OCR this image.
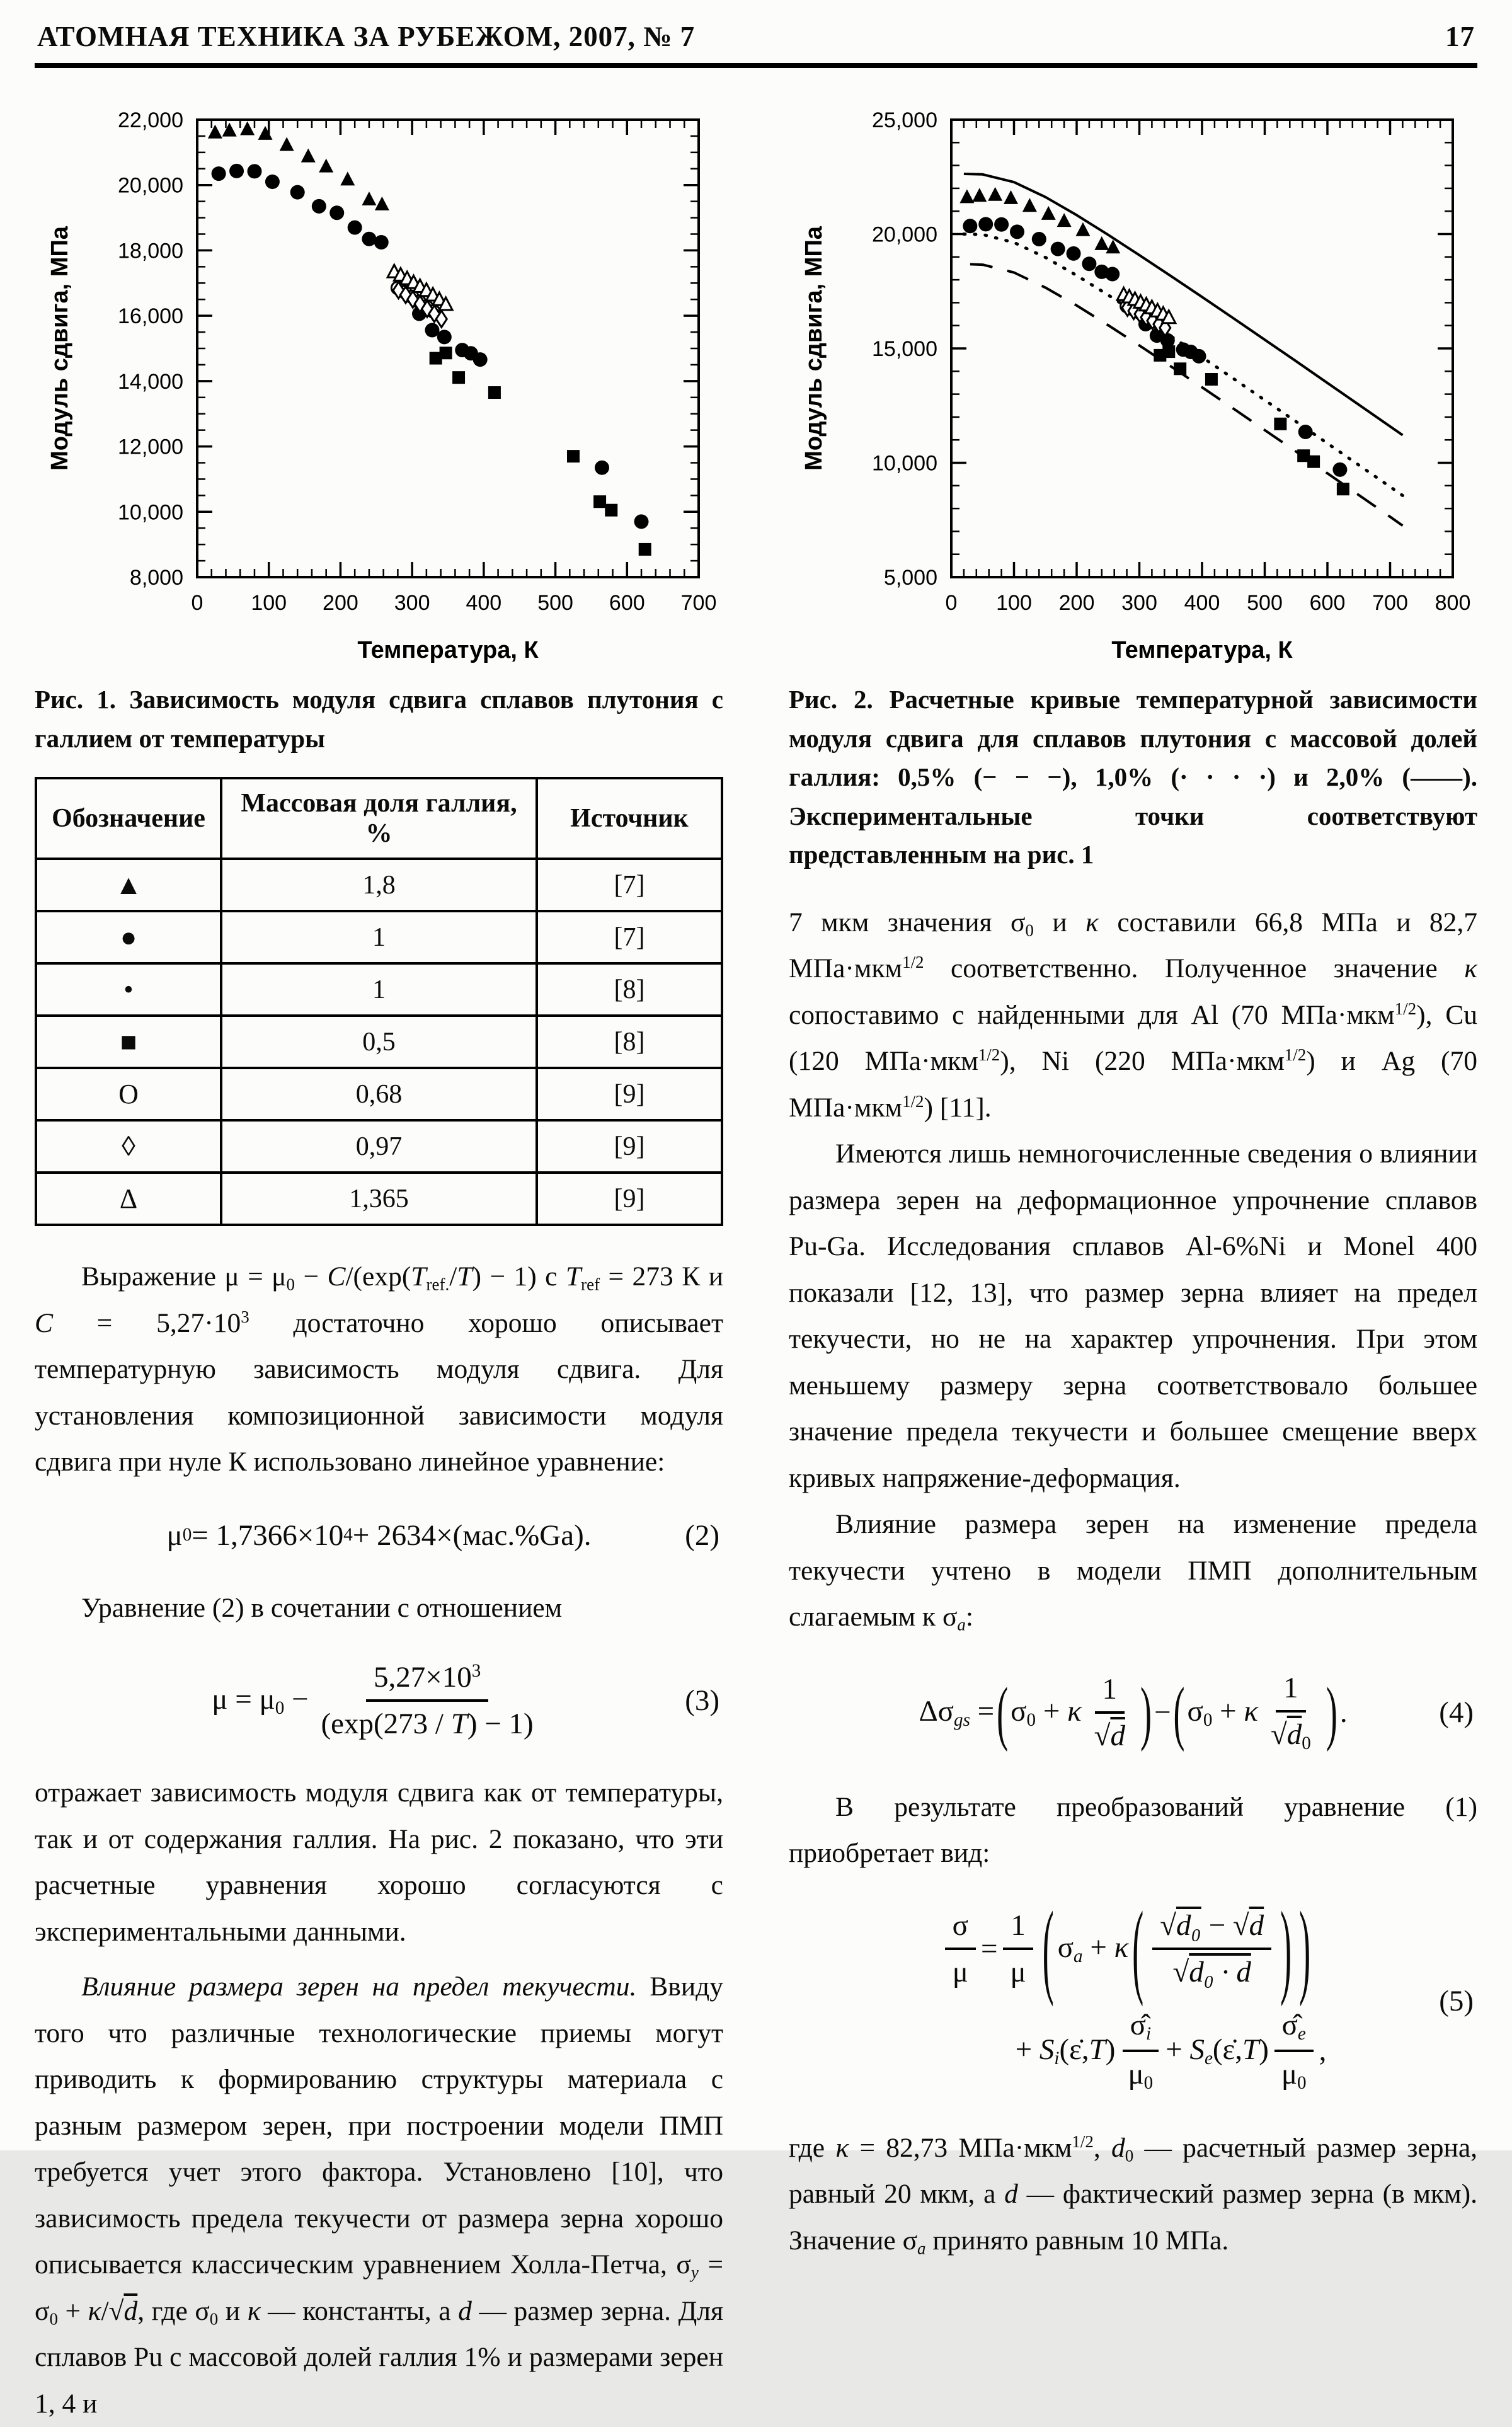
АТОМНАЯ ТЕХНИКА ЗА РУБЕЖОМ, 2007, № 7	17
0 100 200 300 400 500 600 700
8,000
10,000
12,000
14,000
16,000
18,000
20,000
22,000
Температура, К
Модуль сдвига, МПа
Рис. 1. Зависимость модуля сдвига сплавов плутония с галлием от температуры
Обозначение	Массовая доля галлия, %	Источник
▲	1,8	[7]
●	1	[7]
•	1	[8]
■	0,5	[8]
O	0,68	[9]
◊	0,97	[9]
Δ	1,365	[9]

Выражение $\mu = \mu_0 - C/(\exp(T_{ref.}/T) - 1)$ с $T_{ref} = 273$ К и $C = 5,27\cdot 10^3$ достаточно хорошо описывает температурную зависимость модуля сдвига. Для установления композиционной зависимости модуля сдвига при нуле К использовано линейное уравнение:

μ 0 = 1,7366×10 4 + 2634×(мас.%Ga).	(2)

Уравнение (2) в сочетании с отношением

$\mu = \mu_0 - \frac{5,27\times 10^3}{(\exp(273 / T) - 1)}$	(3)

отражает зависимость модуля сдвига как от температуры, так и от содержания галлия. На рис. 2 показано, что эти расчетные уравнения хорошо согласуются с экспериментальными данными.

Влияние размера зерен на предел текучести. Ввиду того что различные технологические приемы могут приводить к формированию структуры материала с разным размером зерен, при построении модели ПМП требуется учет этого фактора. Установлено [10], что зависимость предела текучести от размера зерна хорошо описывается классическим уравнением Холла-Петча, $\sigma_y = \sigma_0 + \kappa/√d$, где $\sigma_0$ и κ — константы, а d — размер зерна. Для сплавов Pu с массовой долей галлия 1% и размерами зерен 1, 4 и

0 100 200 300 400 500 600 700 800
5,000
10,000
15,000
20,000
25,000
Температура, К
Модуль сдвига, МПа
Рис. 2. Расчетные кривые температурной зависимости модуля сдвига для сплавов плутония с массовой долей галлия: 0,5% (− − −), 1,0% (· · · ·) и 2,0% (——). Экспериментальные точки соответствуют представленным на рис. 1

7 мкм значения $\sigma_0$ и κ составили 66,8 МПа и 82,7 МПа·мкм$^{1/2}$ соответственно. Полученное значение κ сопоставимо с найденными для Al (70 МПа·мкм$^{1/2}$), Cu (120 МПа·мкм$^{1/2}$), Ni (220 МПа·мкм$^{1/2}$) и Ag (70 МПа·мкм$^{1/2}$) [11].

Имеются лишь немногочисленные сведения о влиянии размера зерен на деформационное упрочнение сплавов Pu-Ga. Исследования сплавов Al-6%Ni и Monel 400 показали [12, 13], что размер зерна влияет на предел текучести, но не на характер упрочнения. При этом меньшему размеру зерна соответствовало большее значение предела текучести и большее смещение вверх кривых напряжение-деформация.

Влияние размера зерен на изменение предела текучести учтено в модели ПМП дополнительным слагаемым к $\sigma_a$:

$\Delta\sigma_{gs}$ = ( $\sigma_0 + \kappa \frac{1}{√d}$ ) − ( $\sigma_0 + \kappa \frac{1}{√d_0}$ ) .	(4)

В результате преобразований уравнение (1) приобретает вид:

$\frac{\sigma}{\mu} = \frac{1}{\mu}$ ( $\sigma_a + \kappa$ ( $\frac{\text{√d₀ − √d}}{\text{√d₀ · d}}$ ) )
+ $S_i(\varepsiloṅ,T) \frac{\sigmâ_i}{\mu_0}$ + $S_e(\varepsiloṅ,T) \frac{\sigmâ_e}{\mu_0}$ ,
(5)

где κ = 82,73 МПа·мкм$^{1/2}$, $d_0$ — расчетный размер зерна, равный 20 мкм, а d — фактический размер зерна (в мкм). Значение $\sigma_a$ принято равным 10 МПа.
